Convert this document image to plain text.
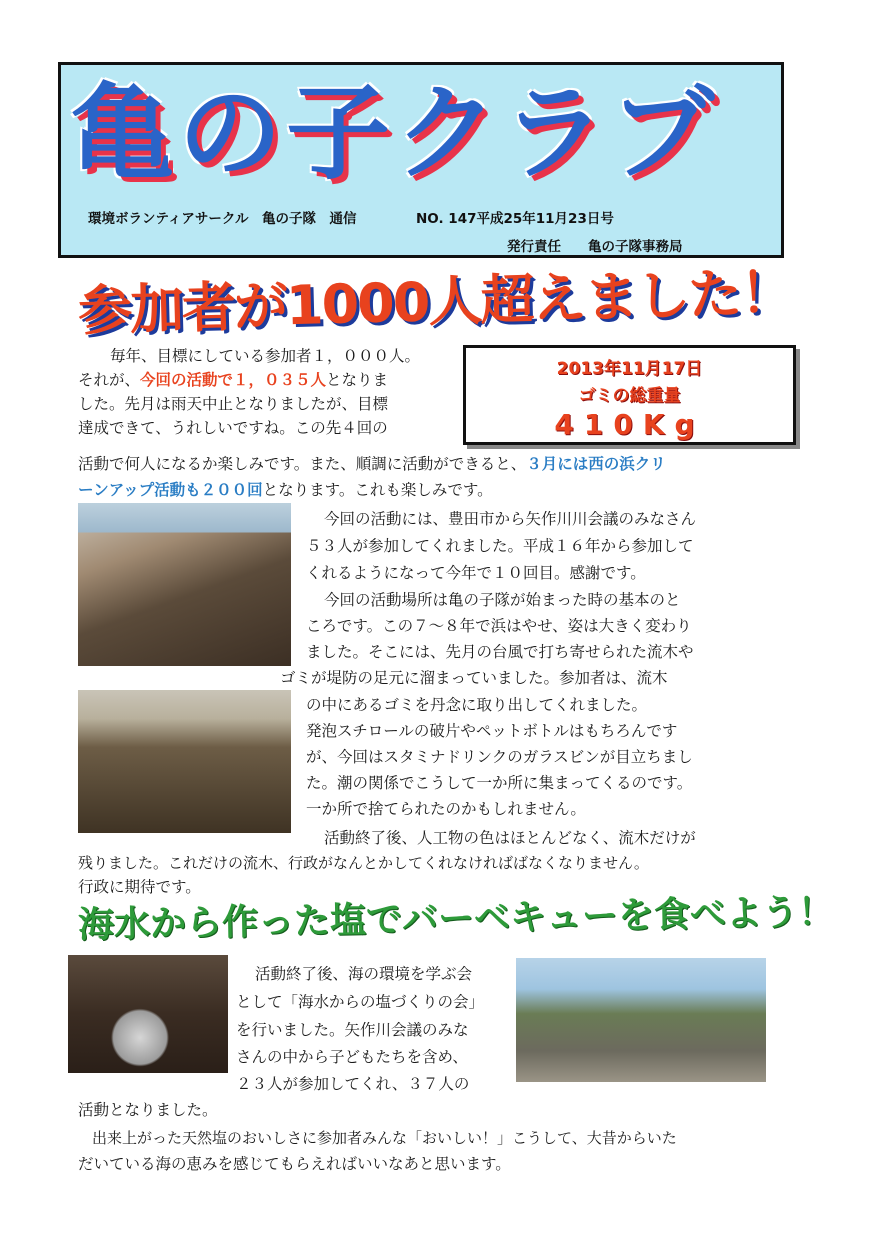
亀の子クラブ
環境ボランティアサークル　亀の子隊　通信	NO. 147平成25年11月23日号
発行責任　　亀の子隊事務局
参加者が1000人超えました！
2013年11月17日
ゴミの総重量
410Kg
毎年、目標にしている参加者１，０００人。
それが、今回の活動で１，０３５人となりま
した。先月は雨天中止となりましたが、目標
達成できて、うれしいですね。この先４回の
活動で何人になるか楽しみです。また、順調に活動ができると、３月には西の浜クリ
ーンアップ活動も２００回となります。これも楽しみです。
今回の活動には、豊田市から矢作川川会議のみなさん
５３人が参加してくれました。平成１６年から参加して
くれるようになって今年で１０回目。感謝です。
今回の活動場所は亀の子隊が始まった時の基本のと
ころです。この７～８年で浜はやせ、姿は大きく変わり
ました。そこには、先月の台風で打ち寄せられた流木や
ゴミが堤防の足元に溜まっていました。参加者は、流木
の中にあるゴミを丹念に取り出してくれました。
発泡スチロールの破片やペットボトルはもちろんです
が、今回はスタミナドリンクのガラスビンが目立ちまし
た。潮の関係でこうして一か所に集まってくるのです。
一か所で捨てられたのかもしれません。
活動終了後、人工物の色はほとんどなく、流木だけが
残りました。これだけの流木、行政がなんとかしてくれなければばなくなりません。
行政に期待です。
海水から作った塩でバーベキューを食べよう！
活動終了後、海の環境を学ぶ会
として「海水からの塩づくりの会」
を行いました。矢作川会議のみな
さんの中から子どもたちを含め、
２３人が参加してくれ、３７人の
活動となりました。
出来上がった天然塩のおいしさに参加者みんな「おいしい！」こうして、大昔からいた
だいている海の恵みを感じてもらえればいいなあと思います。
